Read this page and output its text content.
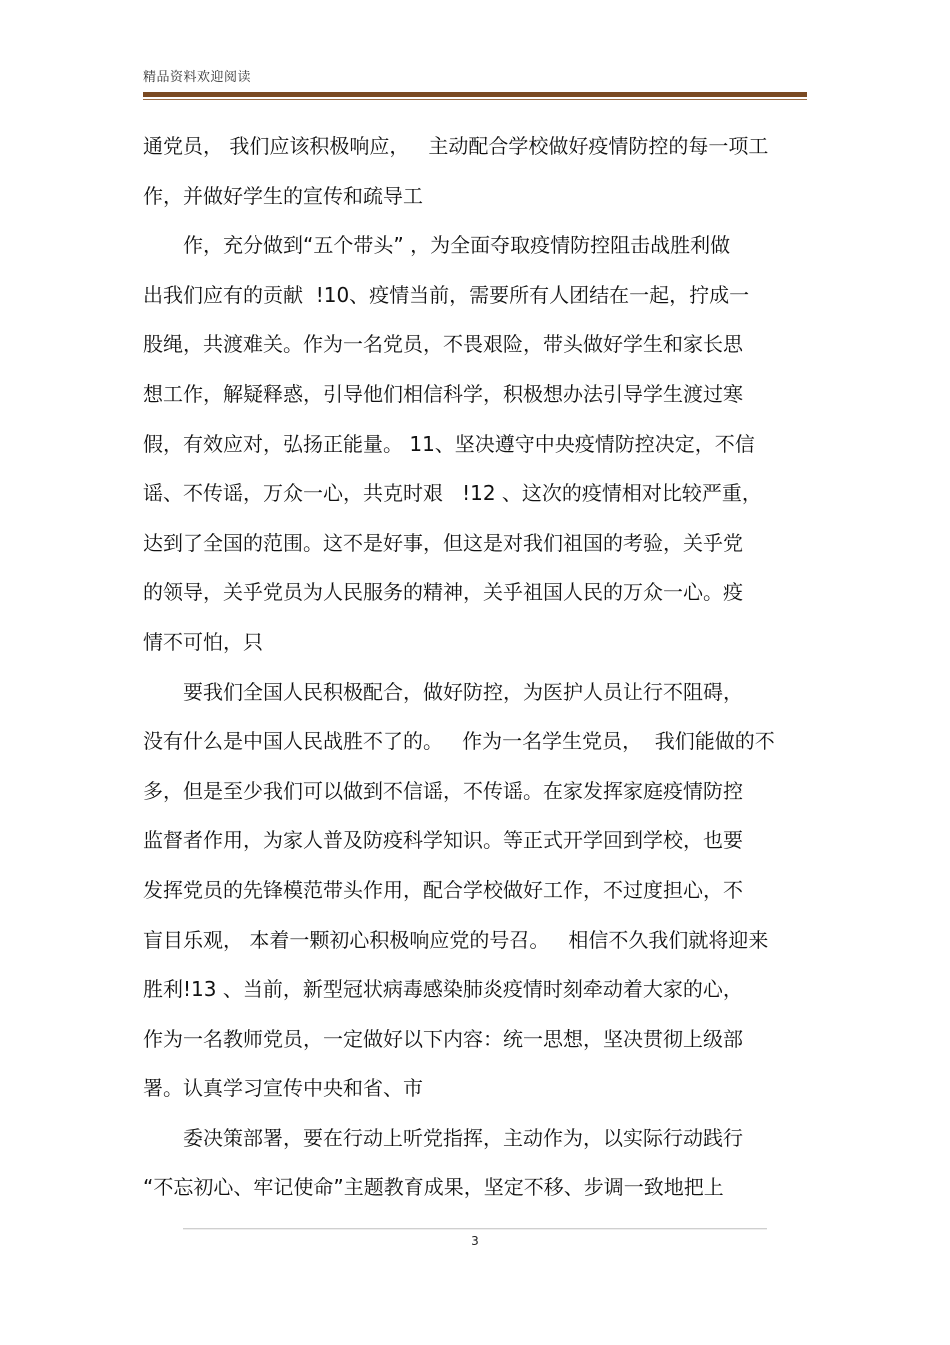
精品资料欢迎阅读
通党员， 我们应该积极响应，   主动配合学校做好疫情防控的每一项工
作，并做好学生的宣传和疏导工
作，充分做到“五个带头” ，为全面夺取疫情防控阻击战胜利做
出我们应有的贡献  !10、疫情当前，需要所有人团结在一起，拧成一
股绳，共渡难关。作为一名党员，不畏艰险，带头做好学生和家长思
想工作，解疑释惑，引导他们相信科学，积极想办法引导学生渡过寒
假，有效应对，弘扬正能量。 11、坚决遵守中央疫情防控决定，不信
谣、不传谣，万众一心，共克时艰   !12 、这次的疫情相对比较严重，
达到了全国的范围。这不是好事，但这是对我们祖国的考验，关乎党
的领导，关乎党员为人民服务的精神，关乎祖国人民的万众一心。疫
情不可怕，只
要我们全国人民积极配合，做好防控，为医护人员让行不阻碍，
没有什么是中国人民战胜不了的。   作为一名学生党员，  我们能做的不
多，但是至少我们可以做到不信谣，不传谣。在家发挥家庭疫情防控
监督者作用，为家人普及防疫科学知识。等正式开学回到学校，也要
发挥党员的先锋模范带头作用，配合学校做好工作，不过度担心，不
盲目乐观， 本着一颗初心积极响应党的号召。   相信不久我们就将迎来
胜利!13 、当前，新型冠状病毒感染肺炎疫情时刻牵动着大家的心，
作为一名教师党员，一定做好以下内容：统一思想，坚决贯彻上级部
署。认真学习宣传中央和省、市
委决策部署，要在行动上听党指挥，主动作为，以实际行动践行
“不忘初心、牢记使命”主题教育成果，坚定不移、步调一致地把上
3
